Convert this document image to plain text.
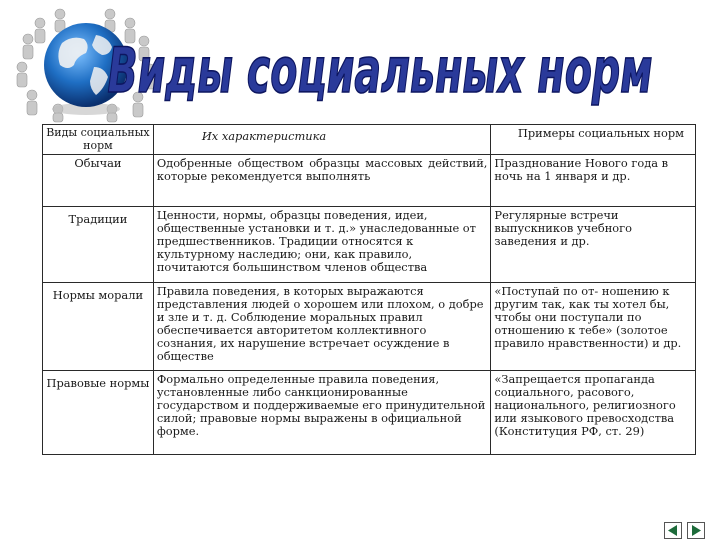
Виды социальных норм
Виды социальных норм	Их характеристика	Примеры социальных норм

Обычаи	Одобренные обществом образцы массовых действий, которые рекомендуется выполнять	Празднование Нового года в ночь на 1 января и др.
Традиции	Ценности, нормы, образцы поведения, идеи, общественные установки и т. д.» унаследованные от предшественников. Традиции относятся к культурному наследию; они, как правило, почитаются большинством членов общества	Регулярные встречи выпускников учебного заведения и др.
Нормы морали	Правила поведения, в которых выражаются представления людей о хорошем или плохом, о добре и зле и т. д. Соблюдение моральных правил обеспечивается авторитетом коллективного сознания, их нарушение встречает осуждение в обществе	«Поступай по от- ношению к другим так, как ты хотел бы, чтобы они поступали по отношению к тебе» (золотое правило нравственности) и др.
Правовые нормы	Формально определенные правила поведения, установленные либо санкционированные государством и поддерживаемые его принудительной силой; правовые нормы выражены в официальной форме.	«Запрещается пропаганда социального, расового, национального, религиозного или языкового превосходства (Конституция РФ, ст. 29)
